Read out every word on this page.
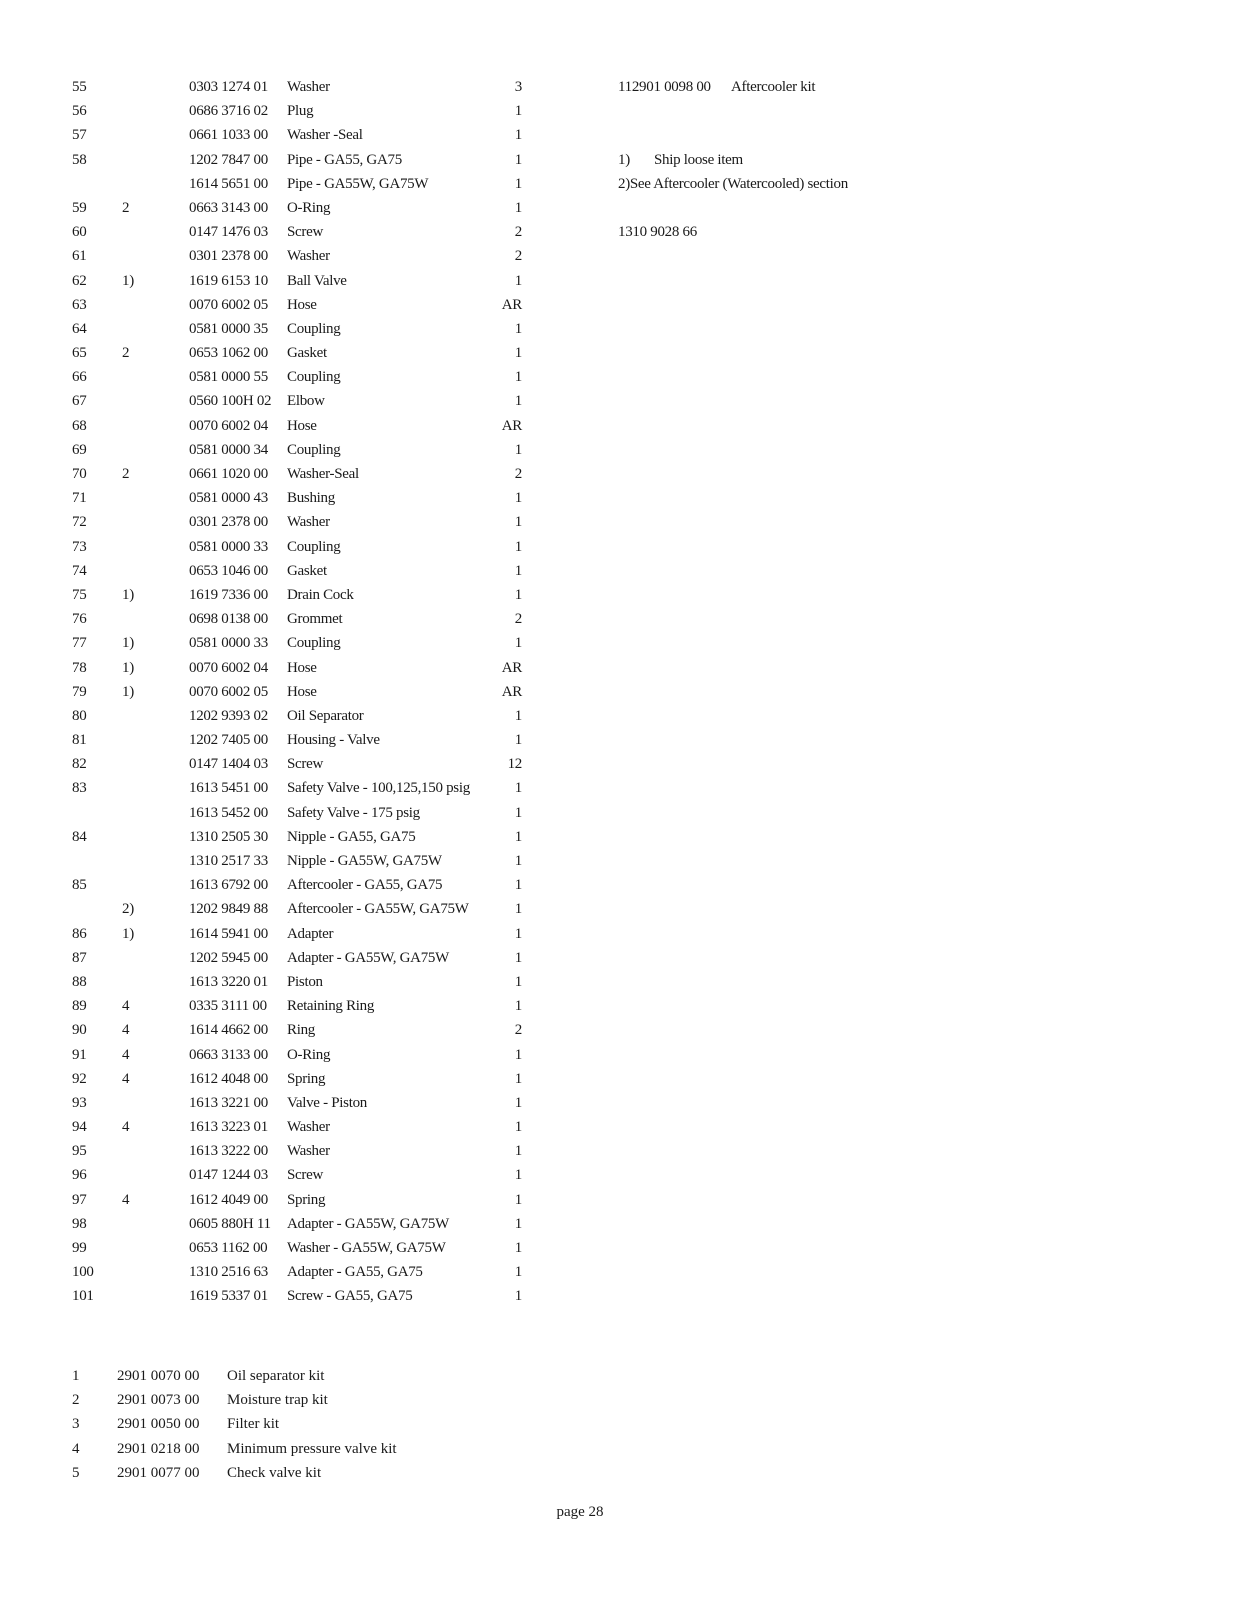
55	0303 1274 01 Washer	3
56	0686 3716 02 Plug	1
57	0661 1033 00 Washer -Seal	1
58	1202 7847 00 Pipe - GA55, GA75	1
1614 5651 00 Pipe - GA55W, GA75W	1
59 2	0663 3143 00 O-Ring	1
60	0147 1476 03 Screw	2
61	0301 2378 00 Washer	2
62 1)	1619 6153 10 Ball Valve	1
63	0070 6002 05 Hose	AR
64	0581 0000 35 Coupling	1
65 2	0653 1062 00 Gasket	1
66	0581 0000 55 Coupling	1
67	0560 100H 02 Elbow	1
68	0070 6002 04 Hose	AR
69	0581 0000 34 Coupling	1
70 2	0661 1020 00 Washer-Seal	2
71	0581 0000 43 Bushing	1
72	0301 2378 00 Washer	1
73	0581 0000 33 Coupling	1
74	0653 1046 00 Gasket	1
75 1)	1619 7336 00 Drain Cock	1
76	0698 0138 00 Grommet	2
77 1)	0581 0000 33 Coupling	1
78 1)	0070 6002 04 Hose	AR
79 1)	0070 6002 05 Hose	AR
80	1202 9393 02 Oil Separator	1
81	1202 7405 00 Housing - Valve	1
82	0147 1404 03 Screw	12
83	1613 5451 00 Safety Valve - 100,125,150 psig	1
1613 5452 00 Safety Valve - 175 psig	1
84	1310 2505 30 Nipple - GA55, GA75	1
1310 2517 33 Nipple - GA55W, GA75W	1
85	1613 6792 00 Aftercooler - GA55, GA75	1
2)	1202 9849 88 Aftercooler - GA55W, GA75W	1
86 1)	1614 5941 00 Adapter	1
87	1202 5945 00 Adapter - GA55W, GA75W	1
88	1613 3220 01 Piston	1
89 4	0335 3111 00 Retaining Ring	1
90 4	1614 4662 00 Ring	2
91 4	0663 3133 00 O-Ring	1
92 4	1612 4048 00 Spring	1
93	1613 3221 00 Valve - Piston	1
94 4	1613 3223 01 Washer	1
95	1613 3222 00 Washer	1
96	0147 1244 03 Screw	1
97 4	1612 4049 00 Spring	1
98	0605 880H 11 Adapter - GA55W, GA75W	1
99	0653 1162 00 Washer - GA55W, GA75W	1
100	1310 2516 63 Adapter - GA55, GA75	1
101	1619 5337 01 Screw - GA55, GA75	1
112901 0098 00 Aftercooler kit
1) Ship loose item
2)See Aftercooler (Watercooled) section
1310 9028 66
1	2901 0070 00 Oil separator kit
2	2901 0073 00 Moisture trap kit
3	2901 0050 00 Filter kit
4	2901 0218 00 Minimum pressure valve kit
5	2901 0077 00 Check valve kit
page 28
